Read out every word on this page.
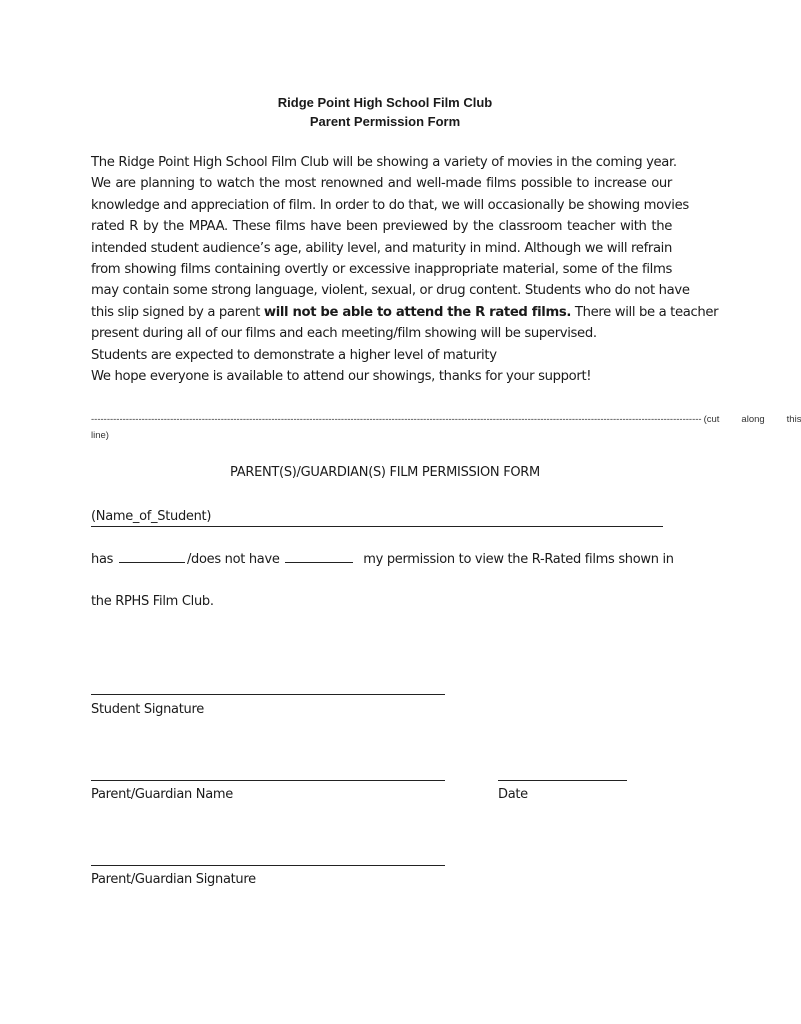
Ridge Point High School Film Club
Parent Permission Form
The Ridge Point High School Film Club will be showing a variety of movies in the coming year.
We are planning to watch the most renowned and well-made films possible to increase our
knowledge and appreciation of film. In order to do that, we will occasionally be showing movies
rated R by the MPAA. These films have been previewed by the classroom teacher with the
intended student audience’s age, ability level, and maturity in mind. Although we will refrain
from showing films containing overtly or excessive inappropriate material, some of the films
may contain some strong language, violent, sexual, or drug content. Students who do not have
this slip signed by a parent will not be able to attend the R rated films. There will be a teacher
present during all of our films and each meeting/film showing will be supervised.
Students are expected to demonstrate a higher level of maturity
We hope everyone is available to attend our showings, thanks for your support!
------------------------------------------------------------------------------------------------------------------------------------------------------------------------------------------------- (cut along this
line)
PARENT(S)/GUARDIAN(S) FILM PERMISSION FORM
(Name_of_Student)
has	/does not have	my permission to view the R-Rated films shown in
the RPHS Film Club.
Student Signature
Parent/Guardian Name	Date
Parent/Guardian Signature
